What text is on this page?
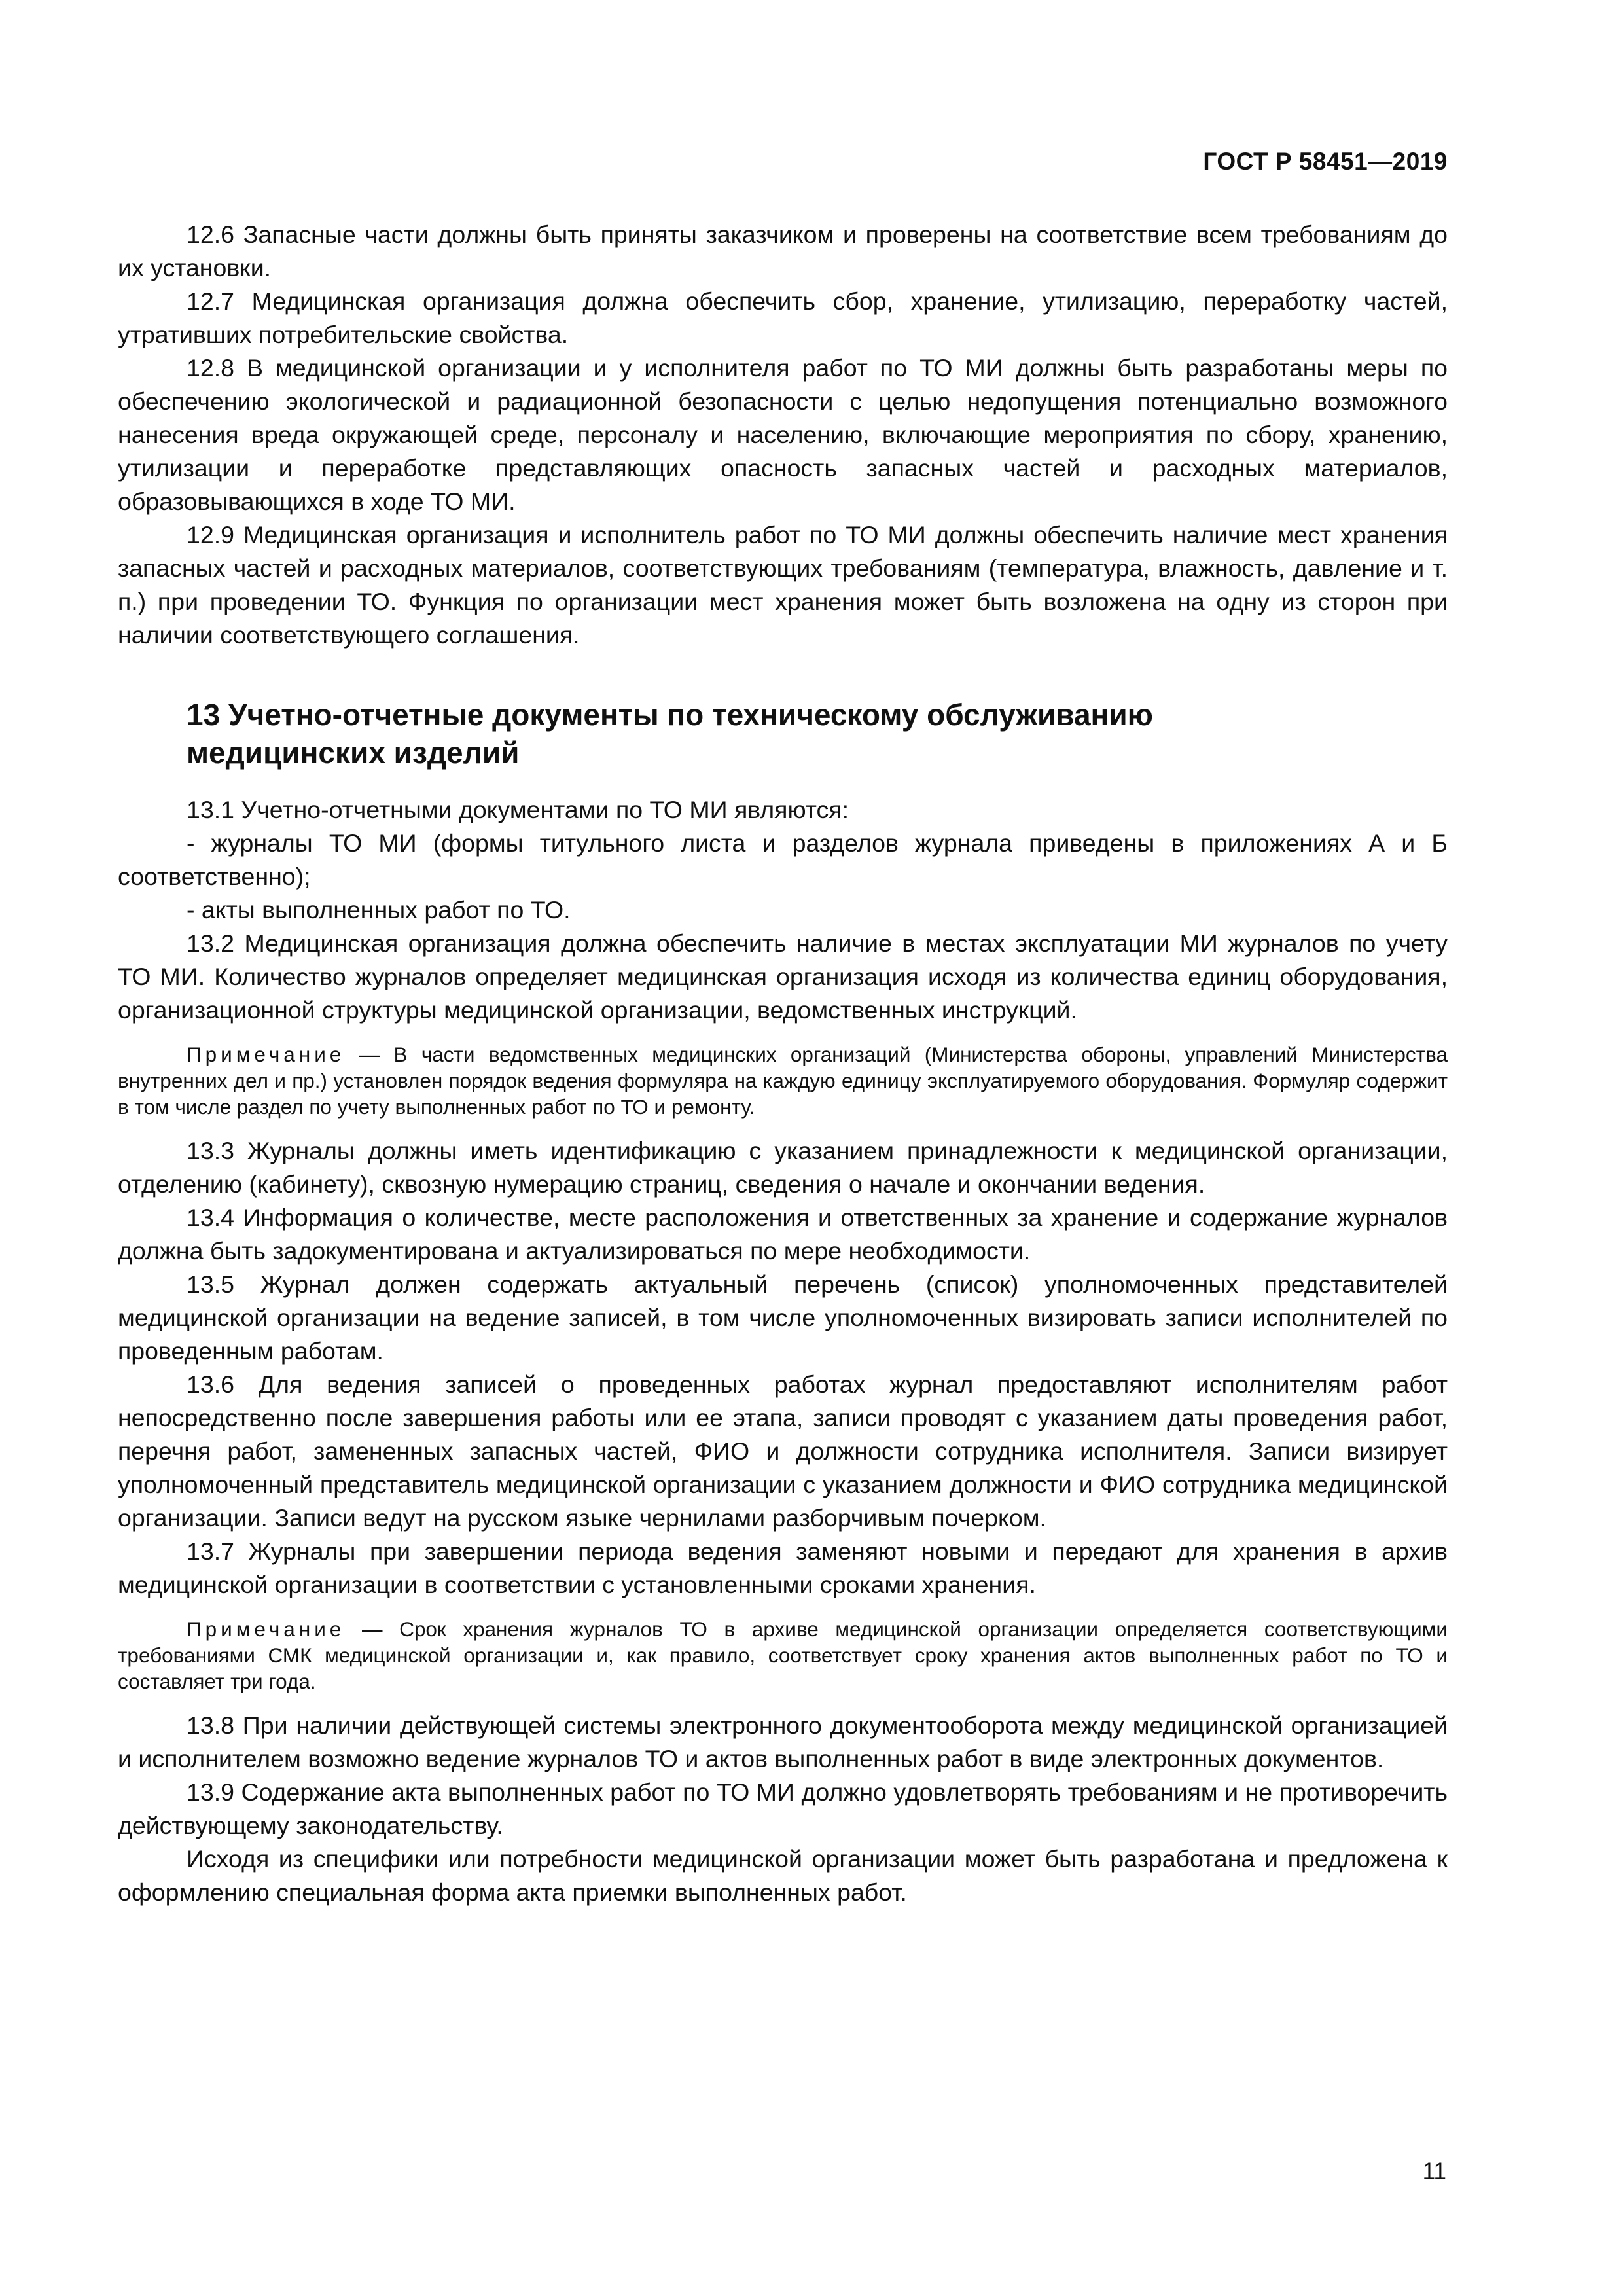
ГОСТ Р 58451—2019

12.6 Запасные части должны быть приняты заказчиком и проверены на соответствие всем требованиям до их установки.

12.7 Медицинская организация должна обеспечить сбор, хранение, утилизацию, переработку частей, утративших потребительские свойства.

12.8 В медицинской организации и у исполнителя работ по ТО МИ должны быть разработаны меры по обеспечению экологической и радиационной безопасности с целью недопущения потенциально возможного нанесения вреда окружающей среде, персоналу и населению, включающие мероприятия по сбору, хранению, утилизации и переработке представляющих опасность запасных частей и расходных материалов, образовывающихся в ходе ТО МИ.

12.9 Медицинская организация и исполнитель работ по ТО МИ должны обеспечить наличие мест хранения запасных частей и расходных материалов, соответствующих требованиям (температура, влажность, давление и т. п.) при проведении ТО. Функция по организации мест хранения может быть возложена на одну из сторон при наличии соответствующего соглашения.

13 Учетно-отчетные документы по техническому обслуживанию
медицинских изделий

13.1 Учетно-отчетными документами по ТО МИ являются:

- журналы ТО МИ (формы титульного листа и разделов журнала приведены в приложениях А и Б соответственно);

- акты выполненных работ по ТО.

13.2 Медицинская организация должна обеспечить наличие в местах эксплуатации МИ журналов по учету ТО МИ. Количество журналов определяет медицинская организация исходя из количества единиц оборудования, организационной структуры медицинской организации, ведомственных инструкций.

Примечание — В части ведомственных медицинских организаций (Министерства обороны, управлений Министерства внутренних дел и пр.) установлен порядок ведения формуляра на каждую единицу эксплуатируемого оборудования. Формуляр содержит в том числе раздел по учету выполненных работ по ТО и ремонту.

13.3 Журналы должны иметь идентификацию с указанием принадлежности к медицинской организации, отделению (кабинету), сквозную нумерацию страниц, сведения о начале и окончании ведения.

13.4 Информация о количестве, месте расположения и ответственных за хранение и содержание журналов должна быть задокументирована и актуализироваться по мере необходимости.

13.5 Журнал должен содержать актуальный перечень (список) уполномоченных представителей медицинской организации на ведение записей, в том числе уполномоченных визировать записи исполнителей по проведенным работам.

13.6 Для ведения записей о проведенных работах журнал предоставляют исполнителям работ непосредственно после завершения работы или ее этапа, записи проводят с указанием даты проведения работ, перечня работ, замененных запасных частей, ФИО и должности сотрудника исполнителя. Записи визирует уполномоченный представитель медицинской организации с указанием должности и ФИО сотрудника медицинской организации. Записи ведут на русском языке чернилами разборчивым почерком.

13.7 Журналы при завершении периода ведения заменяют новыми и передают для хранения в архив медицинской организации в соответствии с установленными сроками хранения.

Примечание — Срок хранения журналов ТО в архиве медицинской организации определяется соответствующими требованиями СМК медицинской организации и, как правило, соответствует сроку хранения актов выполненных работ по ТО и составляет три года.

13.8 При наличии действующей системы электронного документооборота между медицинской организацией и исполнителем возможно ведение журналов ТО и актов выполненных работ в виде электронных документов.

13.9 Содержание акта выполненных работ по ТО МИ должно удовлетворять требованиям и не противоречить действующему законодательству.

Исходя из специфики или потребности медицинской организации может быть разработана и предложена к оформлению специальная форма акта приемки выполненных работ.

11
